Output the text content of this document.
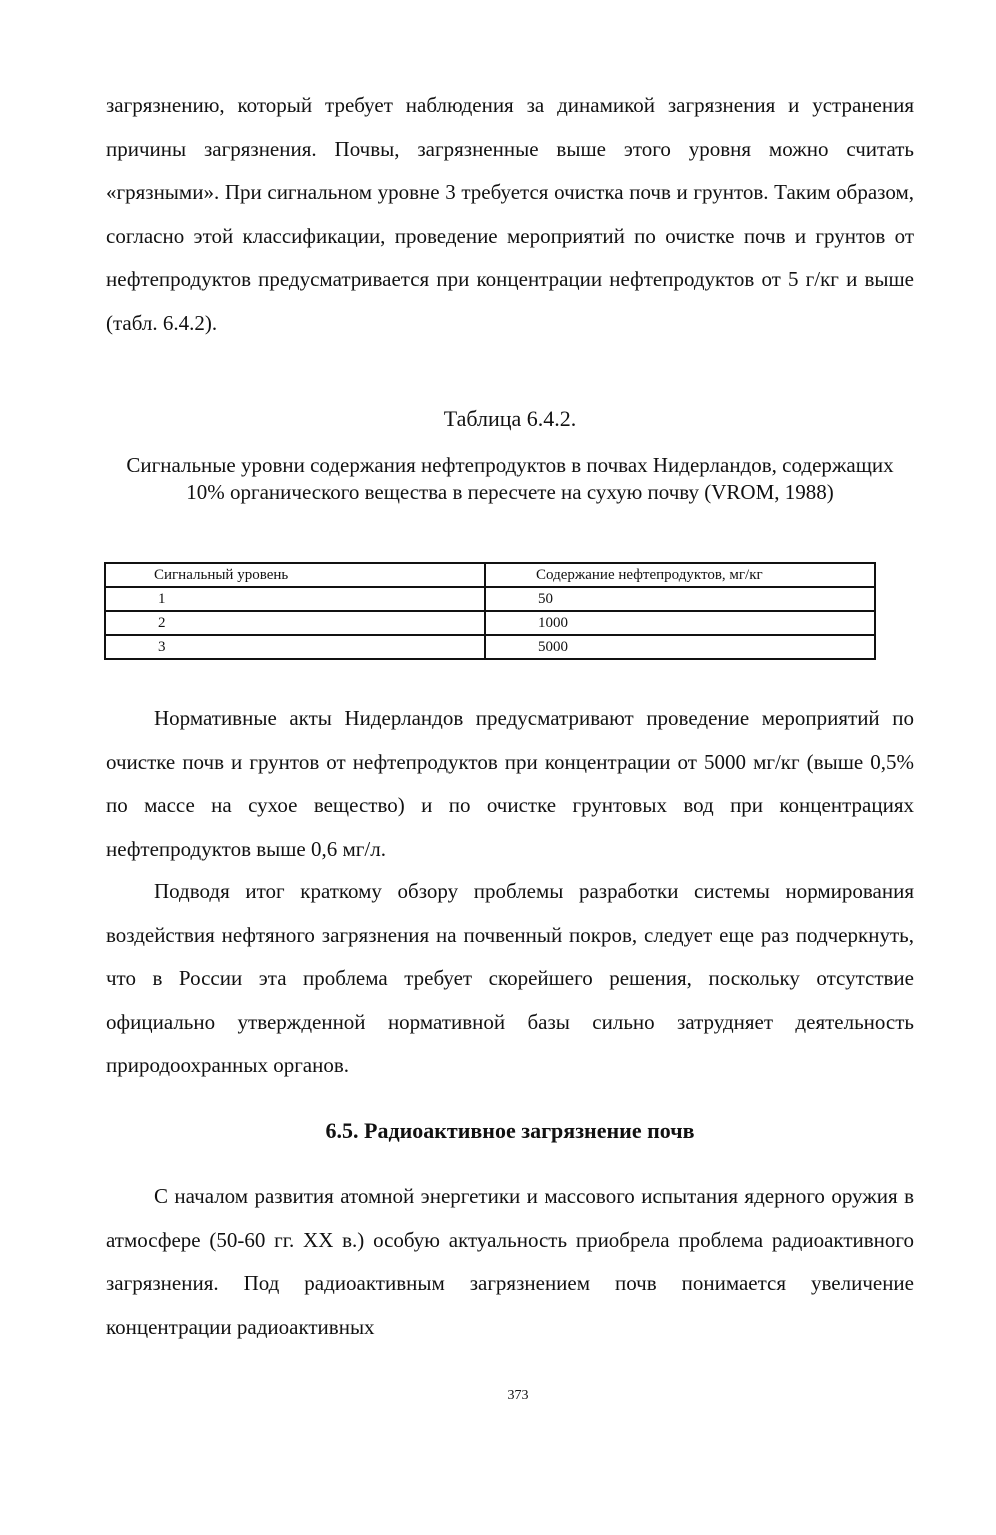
загрязнению, который требует наблюдения за динамикой загрязнения и устранения причины загрязнения. Почвы, загрязненные выше этого уровня можно считать «грязными». При сигнальном уровне 3 требуется очистка почв и грунтов. Таким образом, согласно этой классификации, проведение мероприятий по очистке почв и грунтов от нефтепродуктов предусматривается при концентрации нефтепродуктов от 5 г/кг и выше (табл. 6.4.2).

Таблица 6.4.2.

Сигнальные уровни содержания нефтепродуктов в почвах Нидерландов, содержащих 10% органического вещества в пересчете на сухую почву (VROM, 1988)

Сигнальный уровень	Содержание нефтепродуктов, мг/кг
1	50
2	1000
3	5000

Нормативные акты Нидерландов предусматривают проведение мероприятий по очистке почв и грунтов от нефтепродуктов при концентрации от 5000 мг/кг (выше 0,5% по массе на сухое вещество) и по очистке грунтовых вод при концентрациях нефтепродуктов выше 0,6 мг/л.

Подводя итог краткому обзору проблемы разработки системы нормирования воздействия нефтяного загрязнения на почвенный покров, следует еще раз подчеркнуть, что в России эта проблема требует скорейшего решения, поскольку отсутствие официально утвержденной нормативной базы сильно затрудняет деятельность природоохранных органов.

6.5. Радиоактивное загрязнение почв

С началом развития атомной энергетики и массового испытания ядерного оружия в атмосфере (50-60 гг. XX в.) особую актуальность приобрела проблема радиоактивного загрязнения. Под радиоактивным загрязнением почв понимается увеличение концентрации радиоактивных

373
